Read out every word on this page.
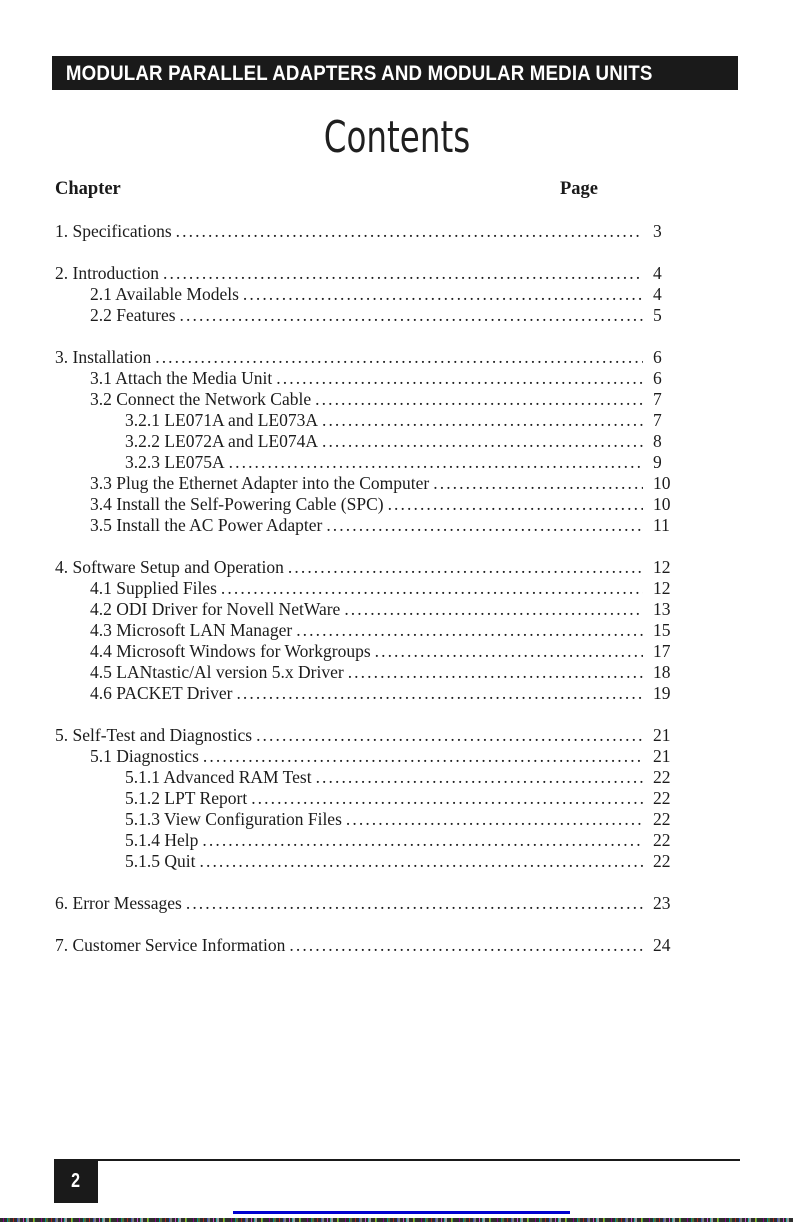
MODULAR PARALLEL ADAPTERS AND MODULAR MEDIA UNITS
Contents
Chapter	Page
1. Specifications .....	3
2. Introduction .....	4
2.1 Available Models .....	4
2.2 Features .....	5
3. Installation .....	6
3.1 Attach the Media Unit .....	6
3.2 Connect the Network Cable .....	7
3.2.1 LE071A and LE073A .....	7
3.2.2 LE072A and LE074A .....	8
3.2.3 LE075A .....	9
3.3 Plug the Ethernet Adapter into the Computer .....	10
3.4 Install the Self-Powering Cable (SPC) .....	10
3.5 Install the AC Power Adapter .....	11
4. Software Setup and Operation .....	12
4.1 Supplied Files .....	12
4.2 ODI Driver for Novell NetWare .....	13
4.3 Microsoft LAN Manager .....	15
4.4 Microsoft Windows for Workgroups .....	17
4.5 LANtastic/Al version 5.x Driver .....	18
4.6 PACKET Driver .....	19
5. Self-Test and Diagnostics .....	21
5.1 Diagnostics .....	21
5.1.1 Advanced RAM Test .....	22
5.1.2 LPT Report .....	22
5.1.3 View Configuration Files .....	22
5.1.4 Help .....	22
5.1.5 Quit .....	22
6. Error Messages .....	23
7. Customer Service Information .....	24
2
